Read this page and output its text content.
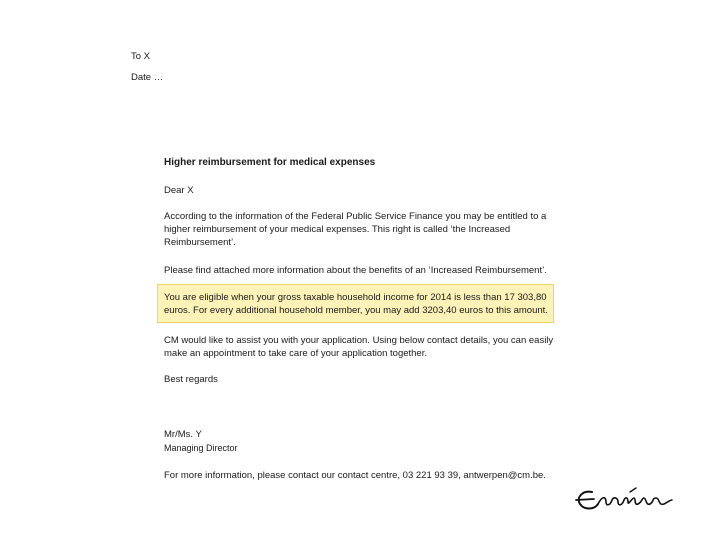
To X
Date …
Higher reimbursement for medical expenses
Dear X
According to the information of the Federal Public Service Finance you may be entitled to a
higher reimbursement of your medical expenses. This right is called ‘the Increased
Reimbursement’.
Please find attached more information about the benefits of an ‘Increased Reimbursement’.
You are eligible when your gross taxable household income for 2014 is less than 17 303,80
euros. For every additional household member, you may add 3203,40 euros to this amount.
CM would like to assist you with your application. Using below contact details, you can easily
make an appointment to take care of your application together.
Best regards
Mr/Ms. Y
Managing Director
For more information, please contact our contact centre, 03 221 93 39, antwerpen@cm.be.
